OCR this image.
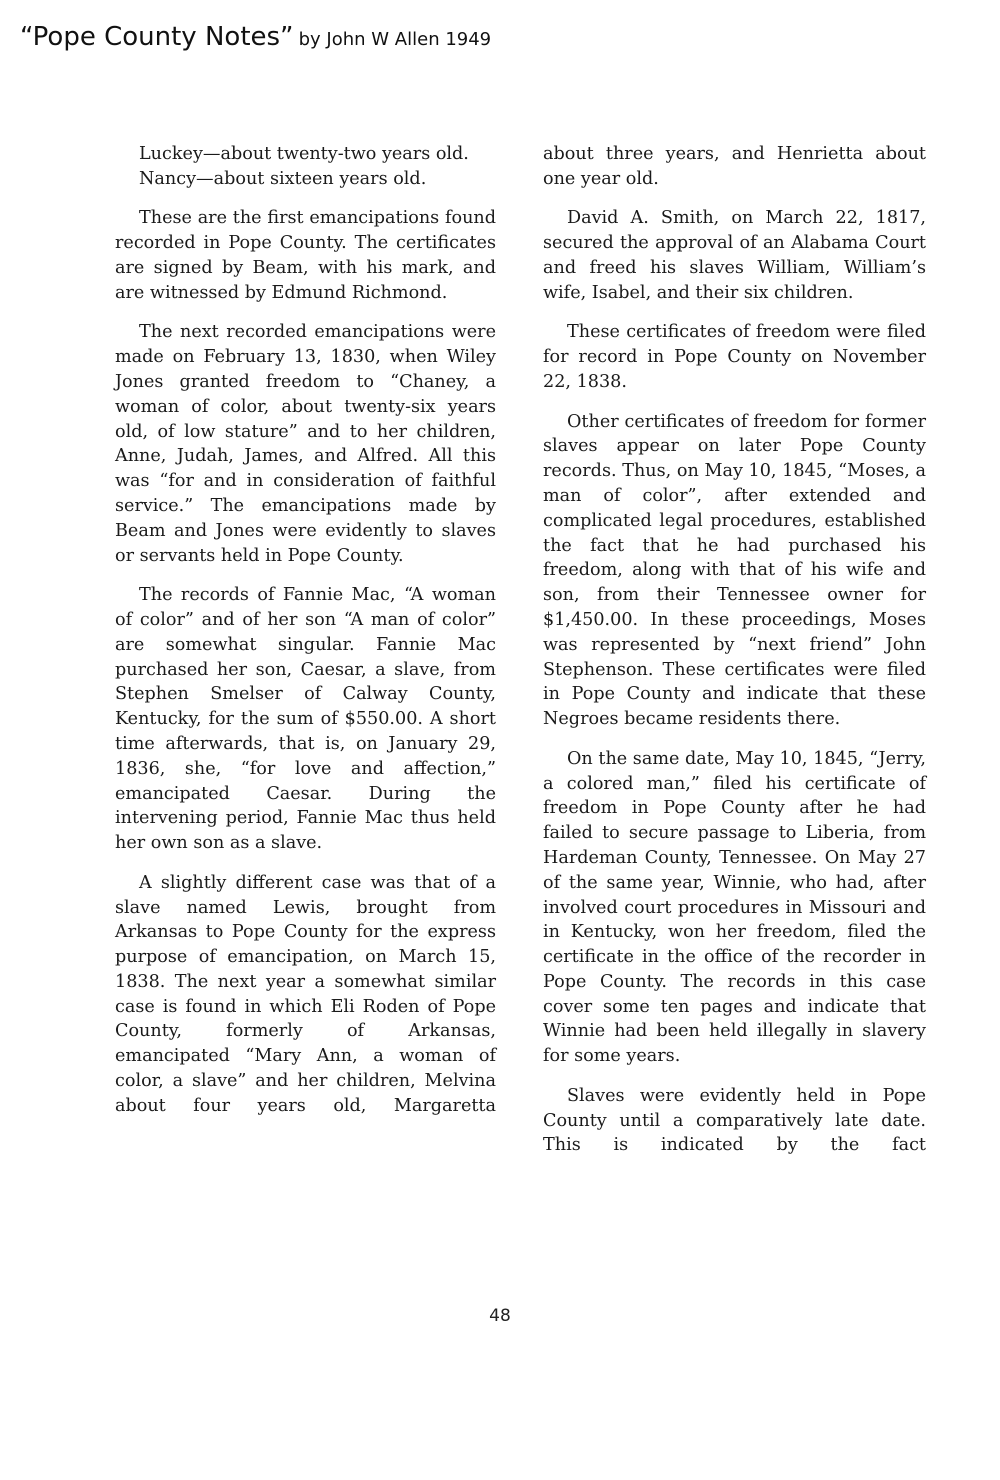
“Pope County Notes” by John W Allen 1949

Luckey—about twenty-two years old.

Nancy—about sixteen years old.

These are the first emancipations found recorded in Pope County. The certificates are signed by Beam, with his mark, and are witnessed by Edmund Richmond.

The next recorded emancipations were made on February 13, 1830, when Wiley Jones granted freedom to “Chaney, a woman of color, about twenty-six years old, of low stature” and to her children, Anne, Judah, James, and Alfred. All this was “for and in consideration of faithful service.” The emancipations made by Beam and Jones were evidently to slaves or servants held in Pope County.

The records of Fannie Mac, “A woman of color” and of her son “A man of color” are somewhat singular. Fannie Mac purchased her son, Caesar, a slave, from Stephen Smelser of Calway County, Kentucky, for the sum of $550.00. A short time afterwards, that is, on January 29, 1836, she, “for love and affection,” emancipated Caesar. During the intervening period, Fannie Mac thus held her own son as a slave.

A slightly different case was that of a slave named Lewis, brought from Arkansas to Pope County for the express purpose of emancipation, on March 15, 1838. The next year a somewhat similar case is found in which Eli Roden of Pope County, formerly of Arkansas, emancipated “Mary Ann, a woman of color, a slave” and her children, Melvina about four years old, Margaretta

about three years, and Henrietta about one year old.

David A. Smith, on March 22, 1817, secured the approval of an Alabama Court and freed his slaves William, William’s wife, Isabel, and their six children.

These certificates of freedom were filed for record in Pope County on November 22, 1838.

Other certificates of freedom for former slaves appear on later Pope County records. Thus, on May 10, 1845, “Moses, a man of color”, after extended and complicated legal procedures, established the fact that he had purchased his freedom, along with that of his wife and son, from their Tennessee owner for $1,450.00. In these proceedings, Moses was represented by “next friend” John Stephenson. These certificates were filed in Pope County and indicate that these Negroes became residents there.

On the same date, May 10, 1845, “Jerry, a colored man,” filed his certificate of freedom in Pope County after he had failed to secure passage to Liberia, from Hardeman County, Tennessee. On May 27 of the same year, Winnie, who had, after involved court procedures in Missouri and in Kentucky, won her freedom, filed the certificate in the office of the recorder in Pope County. The records in this case cover some ten pages and indicate that Winnie had been held illegally in slavery for some years.

Slaves were evidently held in Pope County until a comparatively late date. This is indicated by the fact

48
